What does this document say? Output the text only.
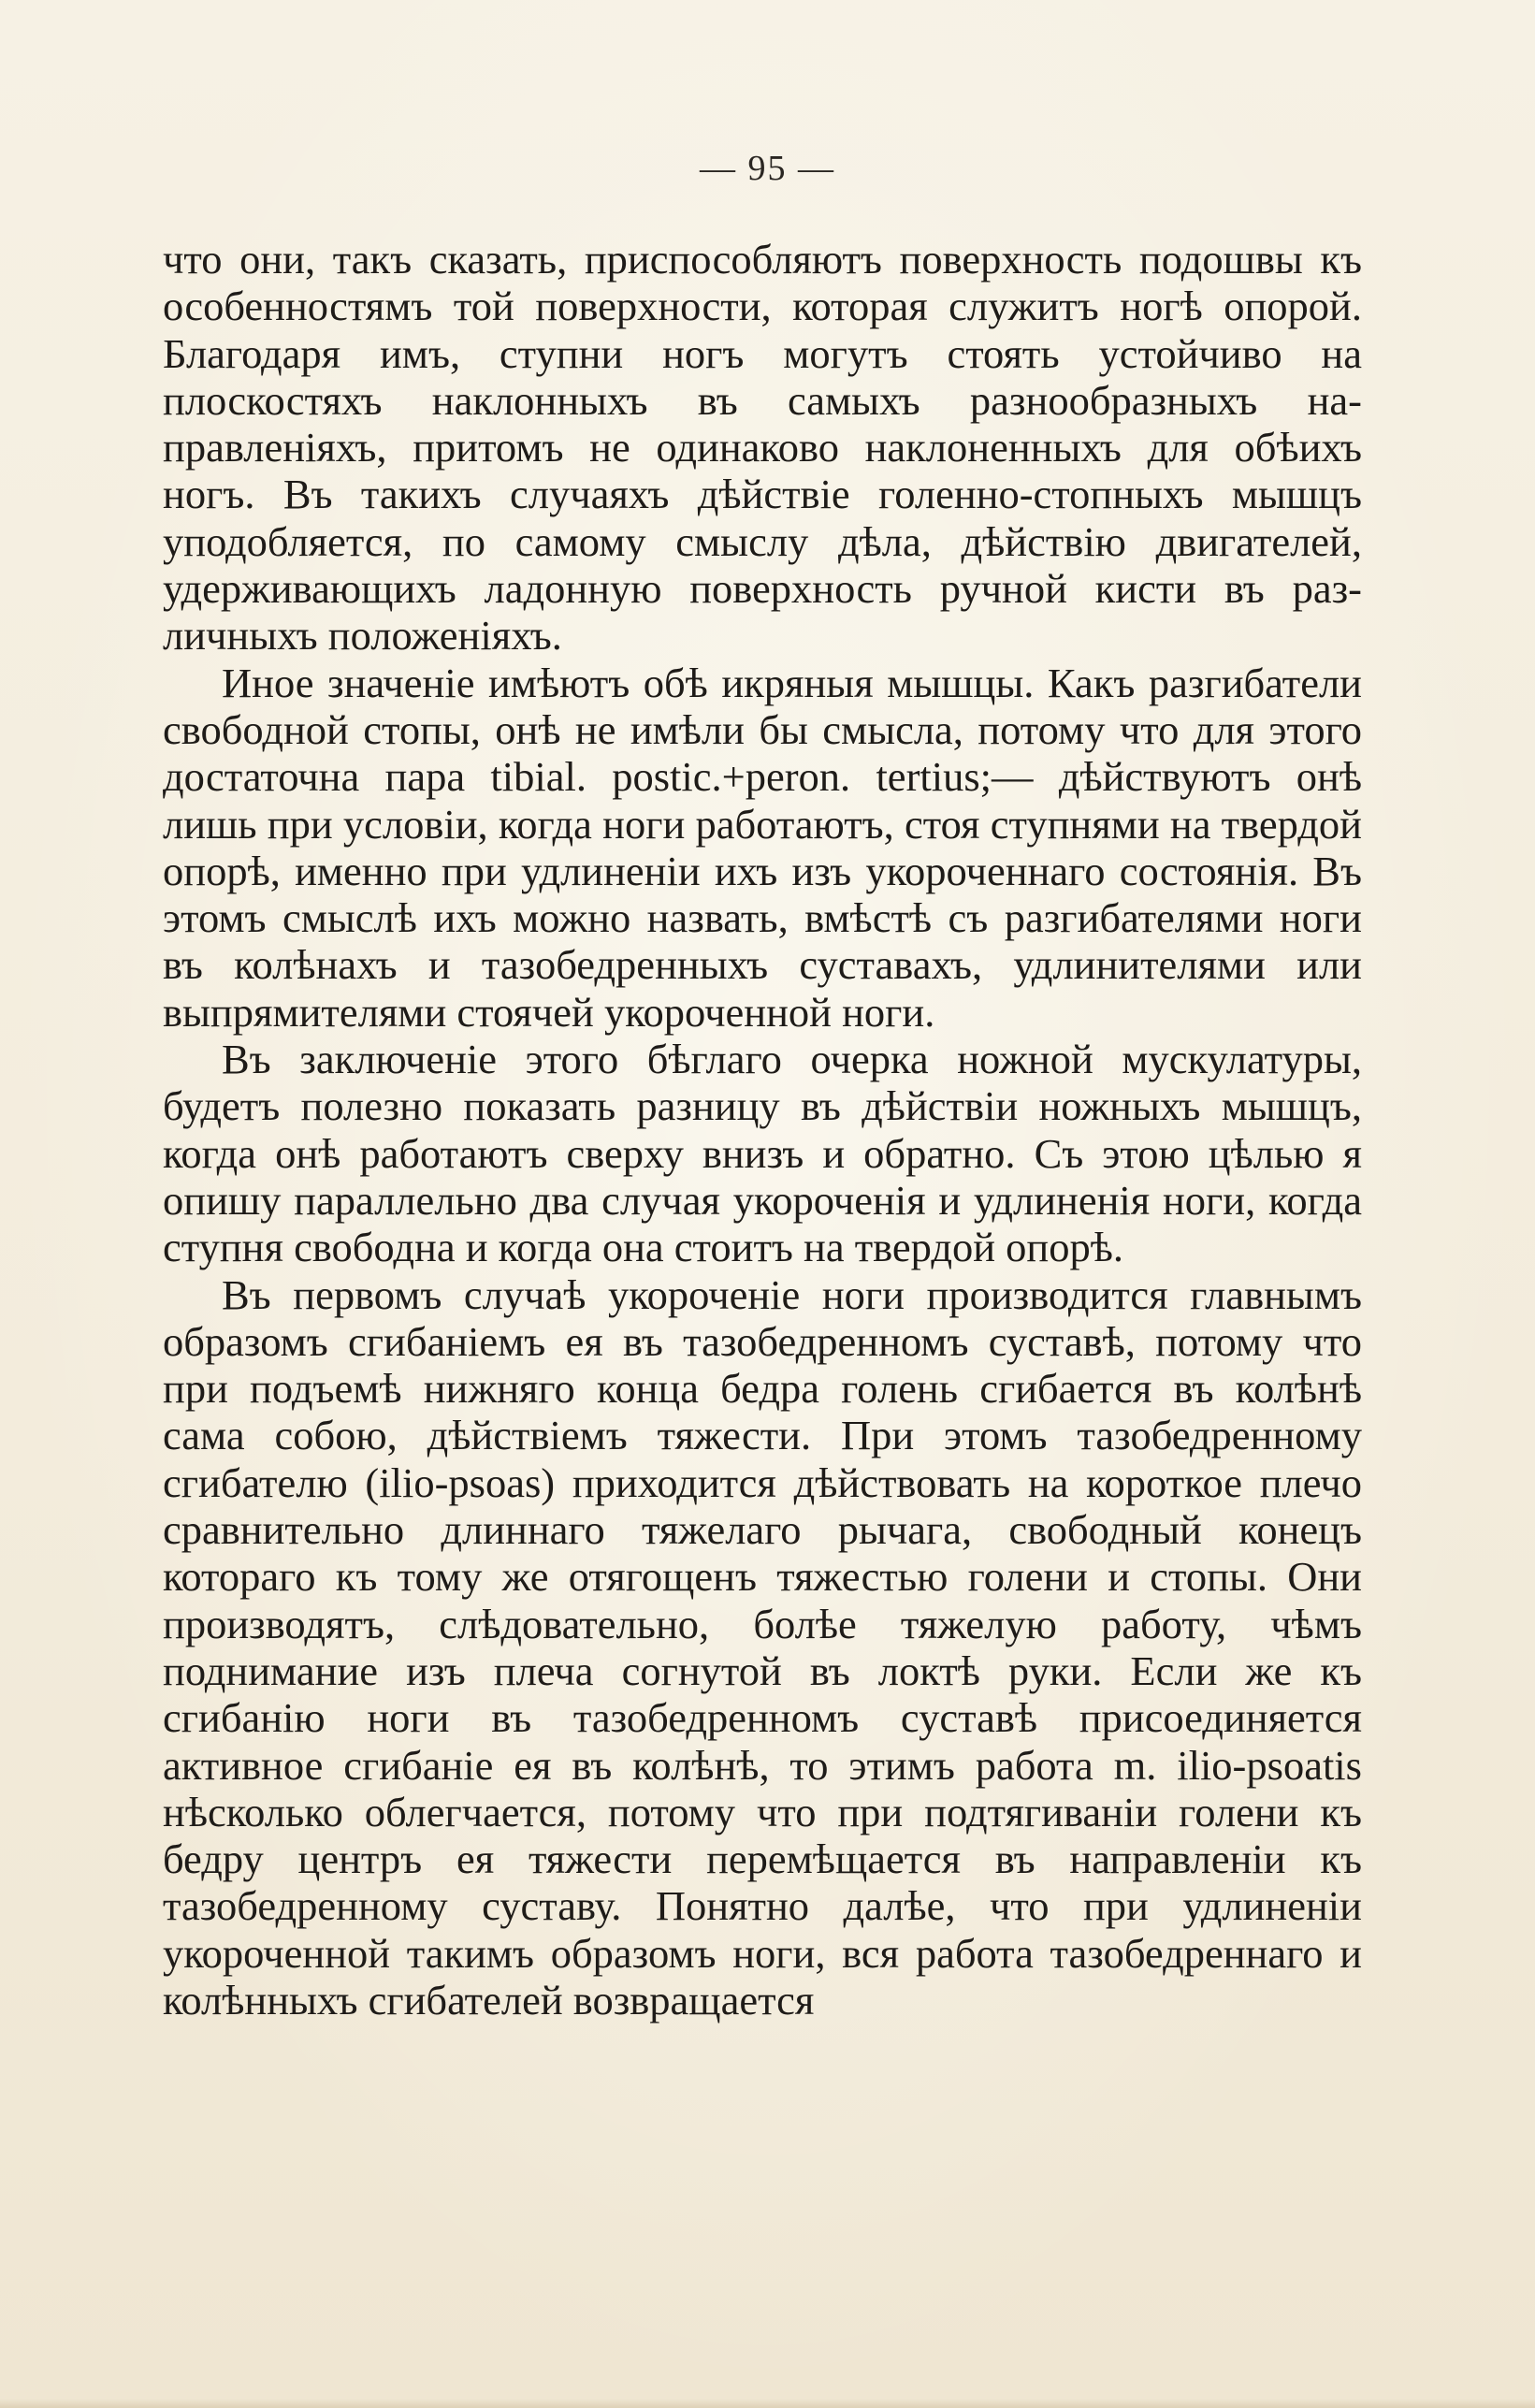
— 95 —

что они, такъ сказать, приспособляютъ поверхность подошвы къ особенностямъ той поверхности, которая служитъ ногѣ опорой. Благодаря имъ, ступни ногъ могутъ стоять устойчиво на плоскостяхъ наклонныхъ въ самыхъ разнообразныхъ направленіяхъ, притомъ не одинаково наклоненныхъ для обѣихъ ногъ. Въ такихъ случаяхъ дѣйствіе голенно-стопныхъ мышцъ уподобляется, по самому смыслу дѣла, дѣйствію двигателей, удерживающихъ ладонную поверхность ручной кисти въ различныхъ положеніяхъ.

Иное значеніе имѣютъ обѣ икряныя мышцы. Какъ разгибатели свободной стопы, онѣ не имѣли бы смысла, потому что для этого достаточна пара tibial. postic.+peron. tertius;— дѣйствуютъ онѣ лишь при условіи, когда ноги работаютъ, стоя ступнями на твердой опорѣ, именно при удлиненіи ихъ изъ укороченнаго состоянія. Въ этомъ смыслѣ ихъ можно назвать, вмѣстѣ съ разгибателями ноги въ колѣнахъ и тазобедренныхъ суставахъ, удлинителями или выпрямителями стоячей укороченной ноги.

Въ заключеніе этого бѣглаго очерка ножной мускулатуры, будетъ полезно показать разницу въ дѣйствіи ножныхъ мышцъ, когда онѣ работаютъ сверху внизъ и обратно. Съ этою цѣлью я опишу параллельно два случая укороченія и удлиненія ноги, когда ступня свободна и когда она стоитъ на твердой опорѣ.

Въ первомъ случаѣ укороченіе ноги производится главнымъ образомъ сгибаніемъ ея въ тазобедренномъ суставѣ, потому что при подъемѣ нижняго конца бедра голень сгибается въ колѣнѣ сама собою, дѣйствіемъ тяжести. При этомъ тазобедренному сгибателю (ilio-psoas) приходится дѣйствовать на короткое плечо сравнительно длиннаго тяжелаго рычага, свободный конецъ котораго къ тому же отягощенъ тяжестью голени и стопы. Они производятъ, слѣдовательно, болѣе тяжелую работу, чѣмъ поднимание изъ плеча согнутой въ локтѣ руки. Если же къ сгибанію ноги въ тазобедренномъ суставѣ присоединяется активное сгибаніе ея въ колѣнѣ, то этимъ работа m. ilio-psoatis нѣсколько облегчается, потому что при подтягиваніи голени къ бедру центръ ея тяжести перемѣщается въ направленіи къ тазобедренному суставу. Понятно далѣе, что при удлиненіи укороченной такимъ образомъ ноги, вся работа тазобедреннаго и колѣнныхъ сгибателей возвращается
